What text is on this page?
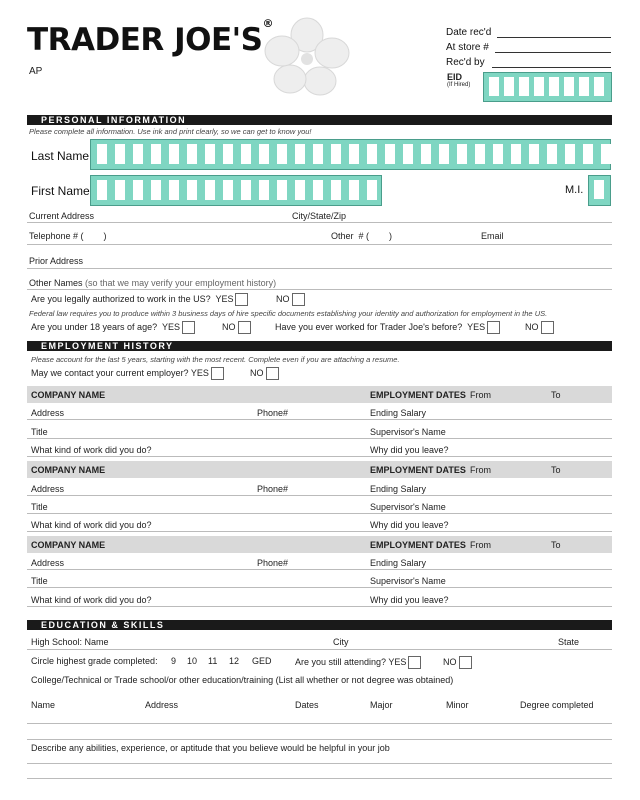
TRADER JOE'S®
AP
Date rec'd
At store #
Rec'd by
EID
(If Hired)
PERSONAL INFORMATION
Please complete all information. Use ink and print clearly, so we can get to know you!
Last Name
First Name	M.I.
Current Address	City/State/Zip
Telephone # (        )	Other  # (        )	Email
Prior Address
Other Names (so that we may verify your employment history)
Are you legally authorized to work in the US? YES	NO
Federal law requires you to produce within 3 business days of hire specific documents establishing your identity and authorization for employment in the US.
Are you under 18 years of age? YES	NO	Have you ever worked for Trader Joe's before? YES	NO
EMPLOYMENT HISTORY
Please account for the last 5 years, starting with the most recent. Complete even if you are attaching a resume.
May we contact your current employer? YES	NO
COMPANY NAME	EMPLOYMENT DATES From	To
Address	Phone#	Ending Salary
Title	Supervisor's Name
What kind of work did you do?	Why did you leave?
COMPANY NAME	EMPLOYMENT DATES From	To
Address	Phone#	Ending Salary
Title	Supervisor's Name
What kind of work did you do?	Why did you leave?
COMPANY NAME	EMPLOYMENT DATES From	To
Address	Phone#	Ending Salary
Title	Supervisor's Name
What kind of work did you do?	Why did you leave?
EDUCATION & SKILLS
High School: Name	City	State
Circle highest grade completed: 9 10 11 12 GED	Are you still attending? YES	NO
College/Technical or Trade school/or other education/training (List all whether or not degree was obtained)
Name	Address	Dates	Major	Minor	Degree completed
Describe any abilities, experience, or aptitude that you believe would be helpful in your job
